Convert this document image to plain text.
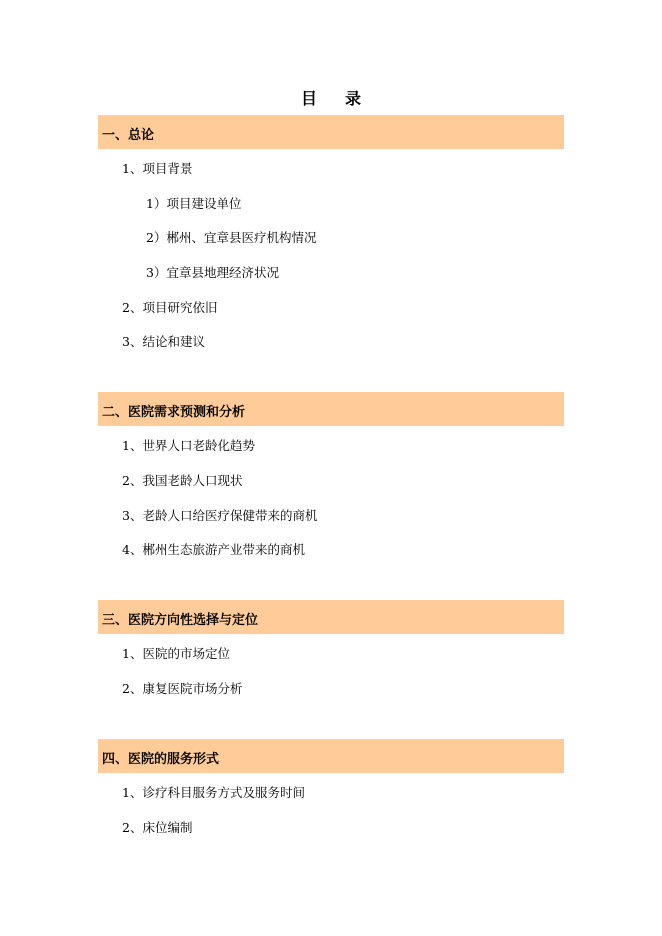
目 录
一、总论
1、项目背景
1）项目建设单位
2）郴州、宜章县医疗机构情况
3）宜章县地理经济状况
2、项目研究依旧
3、结论和建议
二、医院需求预测和分析
1、世界人口老龄化趋势
2、我国老龄人口现状
3、老龄人口给医疗保健带来的商机
4、郴州生态旅游产业带来的商机
三、医院方向性选择与定位
1、医院的市场定位
2、康复医院市场分析
四、医院的服务形式
1、诊疗科目服务方式及服务时间
2、床位编制
